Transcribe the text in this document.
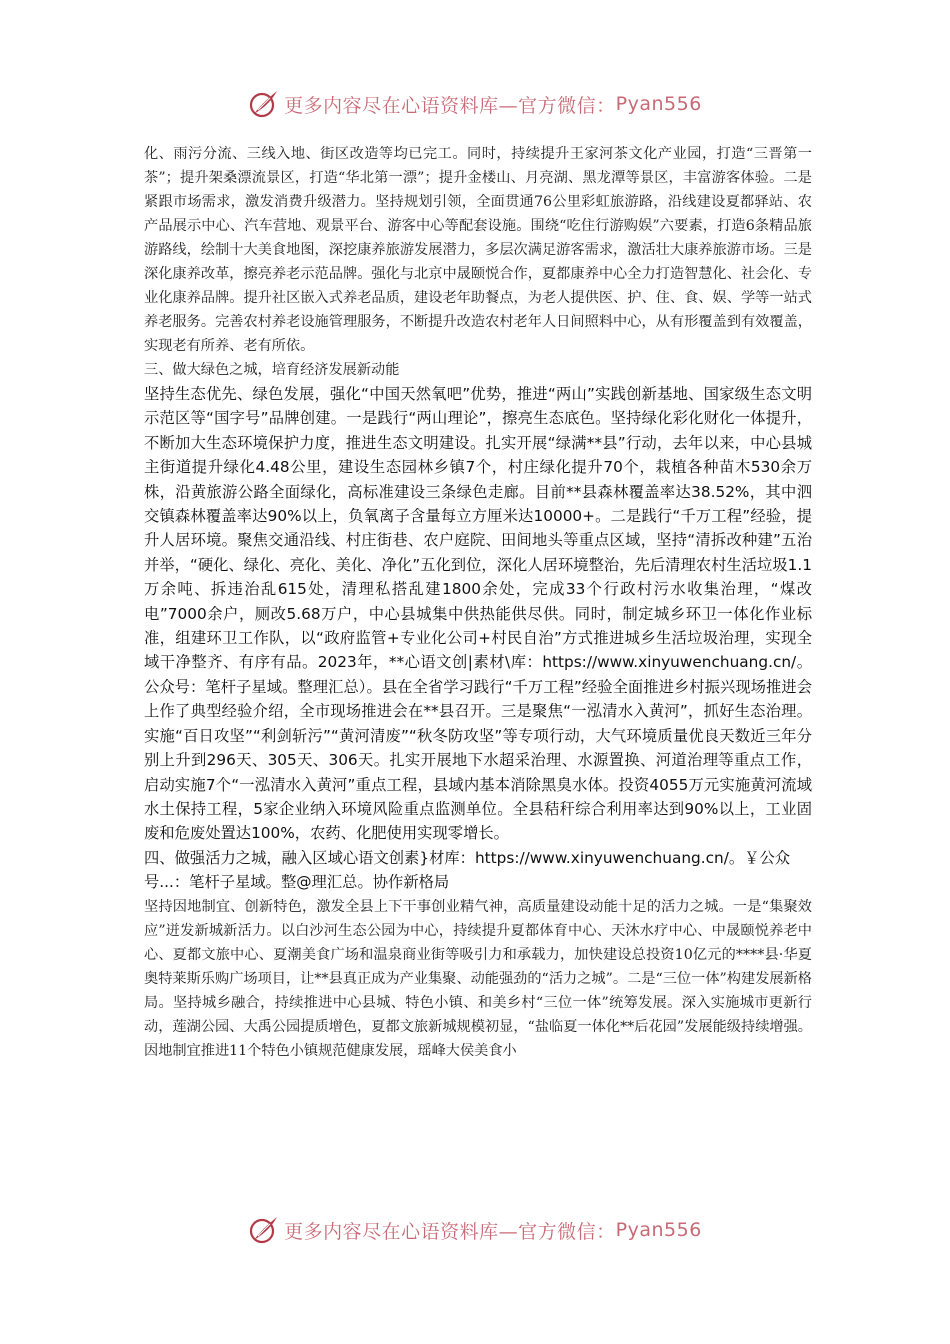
更多内容尽在心语资料库—官方微信： Pyan556

化、雨污分流、三线入地、街区改造等均已完工。同时，持续提升王家河茶文化产业园，打造“三晋第一茶”；提升架桑漂流景区，打造“华北第一漂”；提升金楼山、月亮湖、黑龙潭等景区，丰富游客体验。二是紧跟市场需求，激发消费升级潜力。坚持规划引领，全面贯通76公里彩虹旅游路，沿线建设夏都驿站、农产品展示中心、汽车营地、观景平台、游客中心等配套设施。围绕“吃住行游购娱”六要素，打造6条精品旅游路线，绘制十大美食地图，深挖康养旅游发展潜力，多层次满足游客需求，激活壮大康养旅游市场。三是深化康养改革，擦亮养老示范品牌。强化与北京中晟颐悦合作，夏都康养中心全力打造智慧化、社会化、专业化康养品牌。提升社区嵌入式养老品质，建设老年助餐点，为老人提供医、护、住、食、娱、学等一站式养老服务。完善农村养老设施管理服务，不断提升改造农村老年人日间照料中心，从有形覆盖到有效覆盖，实现老有所养、老有所依。

三、做大绿色之城，培育经济发展新动能

坚持生态优先、绿色发展，强化“中国天然氧吧”优势，推进“两山”实践创新基地、国家级生态文明示范区等“国字号”品牌创建。一是践行“两山理论”，擦亮生态底色。坚持绿化彩化财化一体提升，不断加大生态环境保护力度，推进生态文明建设。扎实开展“绿满**县”行动，去年以来，中心县城主街道提升绿化4.48公里，建设生态园林乡镇7个，村庄绿化提升70个，栽植各种苗木530余万株，沿黄旅游公路全面绿化，高标准建设三条绿色走廊。目前**县森林覆盖率达38.52%，其中泗交镇森林覆盖率达90%以上，负氧离子含量每立方厘米达10000+。二是践行“千万工程”经验，提升人居环境。聚焦交通沿线、村庄街巷、农户庭院、田间地头等重点区域，坚持“清拆改种建”五治并举，“硬化、绿化、亮化、美化、净化”五化到位，深化人居环境整治，先后清理农村生活垃圾1.1万余吨、拆违治乱615处，清理私搭乱建1800余处，完成33个行政村污水收集治理，“煤改电”7000余户，厕改5.68万户，中心县城集中供热能供尽供。同时，制定城乡环卫一体化作业标准，组建环卫工作队，以“政府监管+专业化公司+村民自治”方式推进城乡生活垃圾治理，实现全域干净整齐、有序有品。2023年，**心语文创|素材\库：https://www.xinyuwenchuang.cn/。公众号：笔杆子星域。整理汇总）。县在全省学习践行“千万工程”经验全面推进乡村振兴现场推进会上作了典型经验介绍，全市现场推进会在**县召开。三是聚焦“一泓清水入黄河”，抓好生态治理。实施“百日攻坚”“利剑斩污”“黄河清废”“秋冬防攻坚”等专项行动，大气环境质量优良天数近三年分别上升到296天、305天、306天。扎实开展地下水超采治理、水源置换、河道治理等重点工作，启动实施7个“一泓清水入黄河”重点工程，县域内基本消除黑臭水体。投资4055万元实施黄河流域水土保持工程，5家企业纳入环境风险重点监测单位。全县秸秆综合利用率达到90%以上，工业固废和危废处置达100%，农药、化肥使用实现零增长。

四、做强活力之城，融入区域心语文创素}材库：https://www.xinyuwenchuang.cn/。￥公众号...：笔杆子星域。整@理汇总。协作新格局

坚持因地制宜、创新特色，激发全县上下干事创业精气神，高质量建设动能十足的活力之城。一是“集聚效应”迸发新城新活力。以白沙河生态公园为中心，持续提升夏都体育中心、天沐水疗中心、中晟颐悦养老中心、夏都文旅中心、夏潮美食广场和温泉商业街等吸引力和承载力，加快建设总投资10亿元的****县·华夏奥特莱斯乐购广场项目，让**县真正成为产业集聚、动能强劲的“活力之城”。二是“三位一体”构建发展新格局。坚持城乡融合，持续推进中心县城、特色小镇、和美乡村“三位一体”统筹发展。深入实施城市更新行动，莲湖公园、大禹公园提质增色，夏都文旅新城规模初显，“盐临夏一体化**后花园”发展能级持续增强。因地制宜推进11个特色小镇规范健康发展，瑶峰大侯美食小

更多内容尽在心语资料库—官方微信： Pyan556
